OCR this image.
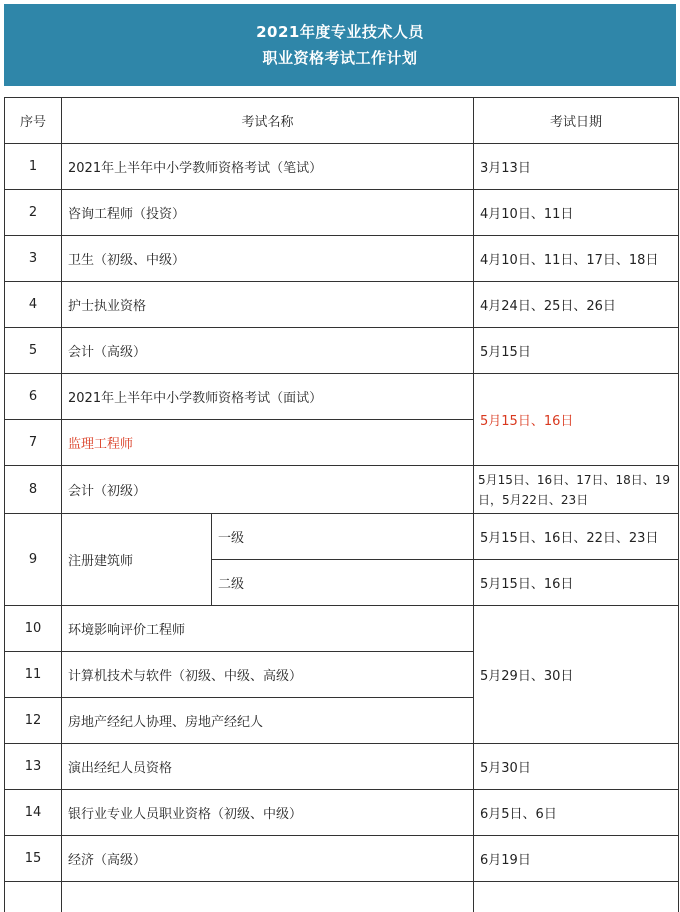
2021年度专业技术人员
职业资格考试工作计划
序号	考试名称		考试日期
1	2021年上半年中小学教师资格考试（笔试）		3月13日
2	咨询工程师（投资）		4月10日、11日
3	卫生（初级、中级）		4月10日、11日、17日、18日
4	护士执业资格		4月24日、25日、26日
5	会计（高级）		5月15日
6	2021年上半年中小学教师资格考试（面试）		5月15日、16日
7	监理工程师		
8	会计（初级）		5月15日、16日、17日、18日、19日，5月22日、23日
9	注册建筑师	一级	5月15日、16日、22日、23日
		二级	5月15日、16日
10	环境影响评价工程师		5月29日、30日
11	计算机技术与软件（初级、中级、高级）		
12	房地产经纪人协理、房地产经纪人		
13	演出经纪人员资格		5月30日
14	银行业专业人员职业资格（初级、中级）		6月5日、6日
15	经济（高级）		6月19日
